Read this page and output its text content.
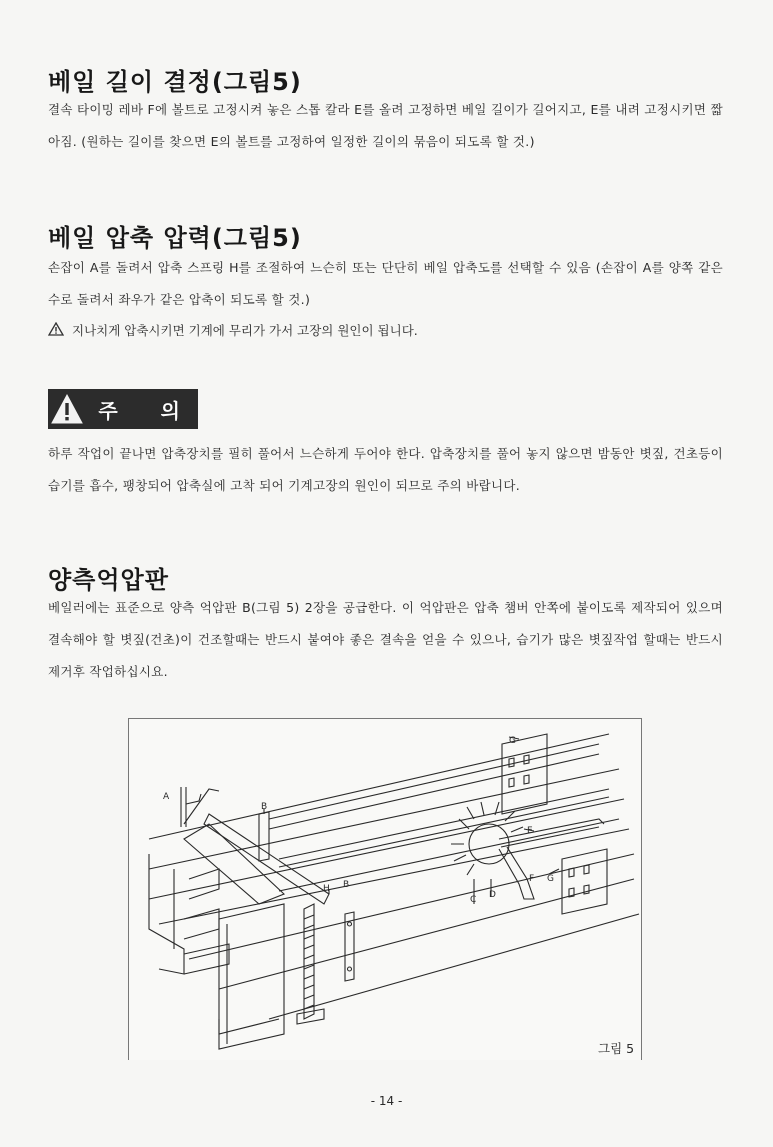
베일 길이 결정(그림5)
결속 타이밍 레바 F에 볼트로 고정시켜 놓은 스톱 칼라 E를 올려 고정하면 베일 길이가 길어지고, E를 내려 고정시키면 짧아짐. (원하는 길이를 찾으면 E의 볼트를 고정하여 일정한 길이의 묶음이 되도록 할 것.)
베일 압축 압력(그림5)
손잡이 A를 돌려서 압축 스프링 H를 조절하여 느슨히 또는 단단히 베일 압축도를 선택할 수 있음 (손잡이 A를 양쪽 같은 수로 돌려서 좌우가 같은 압축이 되도록 할 것.)
지나치게 압축시키면 기계에 무리가 가서 고장의 원인이 됩니다.
주 의
하루 작업이 끝나면 압축장치를 필히 풀어서 느슨하게 두어야 한다. 압축장치를 풀어 놓지 않으면 밤동안 볏짚, 건초등이 습기를 흡수, 팽창되어 압축실에 고착 되어 기계고장의 원인이 되므로 주의 바랍니다.
양측억압판
베일러에는 표준으로 양측 억압판 B(그림 5) 2장을 공급한다. 이 억압판은 압축 챔버 안쪽에 붙이도록 제작되어 있으며 결속해야 할 볏짚(건초)이 건조할때는 반드시 붙여야 좋은 결속을 얻을 수 있으나, 습기가 많은 볏짚작업 할때는 반드시 제거후 작업하십시요.
A
B
B
H
C D
E
F
G
G
그림 5
- 14 -
